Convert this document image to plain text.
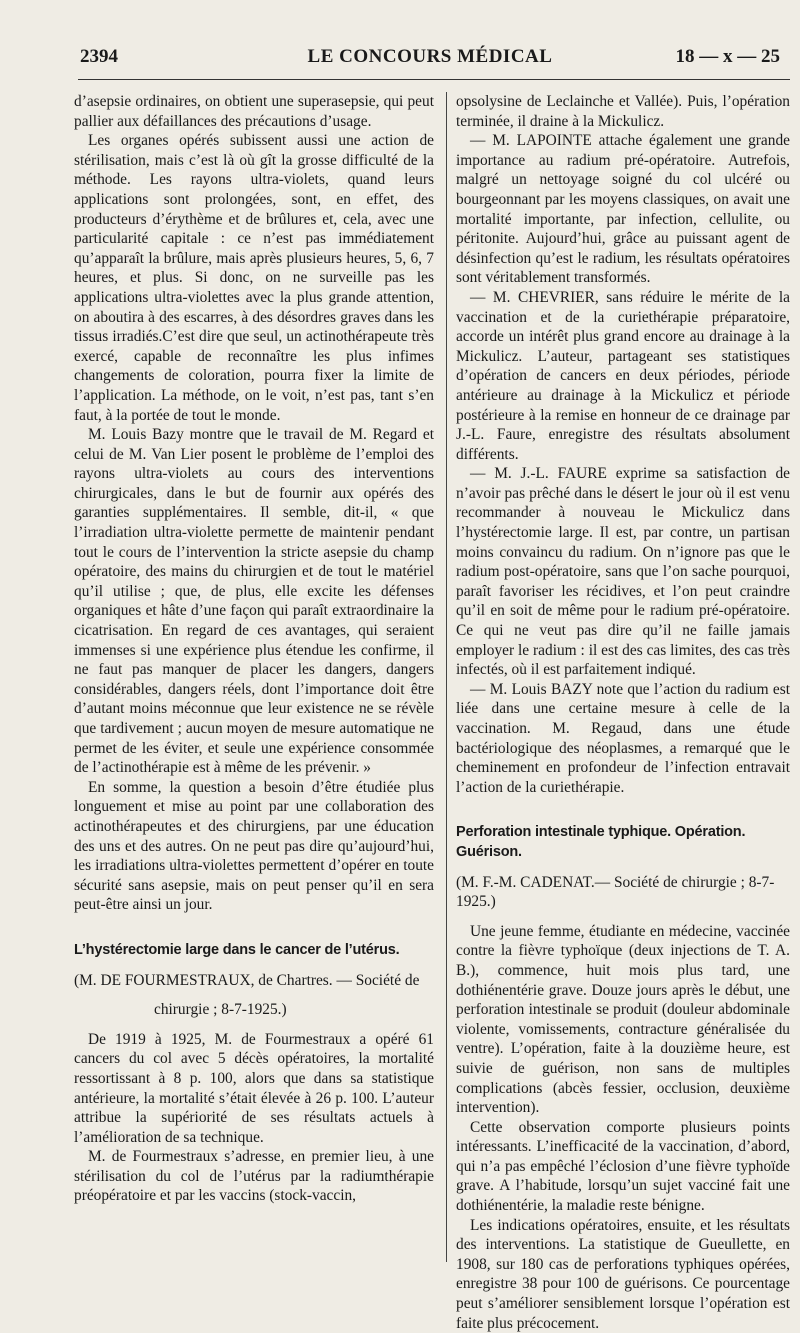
2394	LE CONCOURS MÉDICAL	18 — x — 25

d’asepsie ordinaires, on obtient une superasepsie, qui peut pallier aux défaillances des précautions d’usage.

Les organes opérés subissent aussi une action de stérilisation, mais c’est là où gît la grosse difficulté de la méthode. Les rayons ultra-violets, quand leurs applications sont prolongées, sont, en effet, des producteurs d’érythème et de brûlures et, cela, avec une particularité capitale : ce n’est pas immédiatement qu’apparaît la brûlure, mais après plusieurs heures, 5, 6, 7 heures, et plus. Si donc, on ne surveille pas les applications ultra-violettes avec la plus grande attention, on aboutira à des escarres, à des désordres graves dans les tissus irradiés.C’est dire que seul, un actinothérapeute très exercé, capable de reconnaître les plus infimes changements de coloration, pourra fixer la limite de l’application. La méthode, on le voit, n’est pas, tant s’en faut, à la portée de tout le monde.

M. Louis Bazy montre que le travail de M. Regard et celui de M. Van Lier posent le problème de l’emploi des rayons ultra-violets au cours des interventions chirurgicales, dans le but de fournir aux opérés des garanties supplémentaires. Il semble, dit-il, « que l’irradiation ultra-violette permette de maintenir pendant tout le cours de l’intervention la stricte asepsie du champ opératoire, des mains du chirurgien et de tout le matériel qu’il utilise ; que, de plus, elle excite les défenses organiques et hâte d’une façon qui paraît extraordinaire la cicatrisation. En regard de ces avantages, qui seraient immenses si une expérience plus étendue les confirme, il ne faut pas manquer de placer les dangers, dangers considérables, dangers réels, dont l’importance doit être d’autant moins méconnue que leur existence ne se révèle que tardivement ; aucun moyen de mesure automatique ne permet de les éviter, et seule une expérience consommée de l’actinothérapie est à même de les prévenir. »

En somme, la question a besoin d’être étudiée plus longuement et mise au point par une collaboration des actinothérapeutes et des chirurgiens, par une éducation des uns et des autres. On ne peut pas dire qu’aujourd’hui, les irradiations ultra-violettes permettent d’opérer en toute sécurité sans asepsie, mais on peut penser qu’il en sera peut-être ainsi un jour.

L’hystérectomie large dans le cancer de l’utérus.
(M. DE FOURMESTRAUX, de Chartres. — Société de
chirurgie ; 8-7-1925.)

De 1919 à 1925, M. de Fourmestraux a opéré 61 cancers du col avec 5 décès opératoires, la mortalité ressortissant à 8 p. 100, alors que dans sa statistique antérieure, la mortalité s’était élevée à 26 p. 100. L’auteur attribue la supériorité de ses résultats actuels à l’amélioration de sa technique.

M. de Fourmestraux s’adresse, en premier lieu, à une stérilisation du col de l’utérus par la radiumthérapie préopératoire et par les vaccins (stock-vaccin,

opsolysine de Leclainche et Vallée). Puis, l’opération terminée, il draine à la Mickulicz.

— M. LAPOINTE attache également une grande importance au radium pré-opératoire. Autrefois, malgré un nettoyage soigné du col ulcéré ou bourgeonnant par les moyens classiques, on avait une mortalité importante, par infection, cellulite, ou péritonite. Aujourd’hui, grâce au puissant agent de désinfection qu’est le radium, les résultats opératoires sont véritablement transformés.

— M. CHEVRIER, sans réduire le mérite de la vaccination et de la curiethérapie préparatoire, accorde un intérêt plus grand encore au drainage à la Mickulicz. L’auteur, partageant ses statistiques d’opération de cancers en deux périodes, période antérieure au drainage à la Mickulicz et période postérieure à la remise en honneur de ce drainage par J.-L. Faure, enregistre des résultats absolument différents.

— M. J.-L. FAURE exprime sa satisfaction de n’avoir pas prêché dans le désert le jour où il est venu recommander à nouveau le Mickulicz dans l’hystérectomie large. Il est, par contre, un partisan moins convaincu du radium. On n’ignore pas que le radium post-opératoire, sans que l’on sache pourquoi, paraît favoriser les récidives, et l’on peut craindre qu’il en soit de même pour le radium pré-opératoire. Ce qui ne veut pas dire qu’il ne faille jamais employer le radium : il est des cas limites, des cas très infectés, où il est parfaitement indiqué.

— M. Louis BAZY note que l’action du radium est liée dans une certaine mesure à celle de la vaccination. M. Regaud, dans une étude bactériologique des néoplasmes, a remarqué que le cheminement en profondeur de l’infection entravait l’action de la curiethérapie.

Perforation intestinale typhique. Opération. Guérison.
(M. F.-M. CADENAT.— Société de chirurgie ; 8-7-1925.)

Une jeune femme, étudiante en médecine, vaccinée contre la fièvre typhoïque (deux injections de T. A. B.), commence, huit mois plus tard, une dothiénentérie grave. Douze jours après le début, une perforation intestinale se produit (douleur abdominale violente, vomissements, contracture généralisée du ventre). L’opération, faite à la douzième heure, est suivie de guérison, non sans de multiples complications (abcès fessier, occlusion, deuxième intervention).

Cette observation comporte plusieurs points intéressants. L’inefficacité de la vaccination, d’abord, qui n’a pas empêché l’éclosion d’une fièvre typhoïde grave. A l’habitude, lorsqu’un sujet vacciné fait une dothiénentérie, la maladie reste bénigne.

Les indications opératoires, ensuite, et les résultats des interventions. La statistique de Gueullette, en 1908, sur 180 cas de perforations typhiques opérées, enregistre 38 pour 100 de guérisons. Ce pourcentage peut s’améliorer sensiblement lorsque l’opération est faite plus précocement.
